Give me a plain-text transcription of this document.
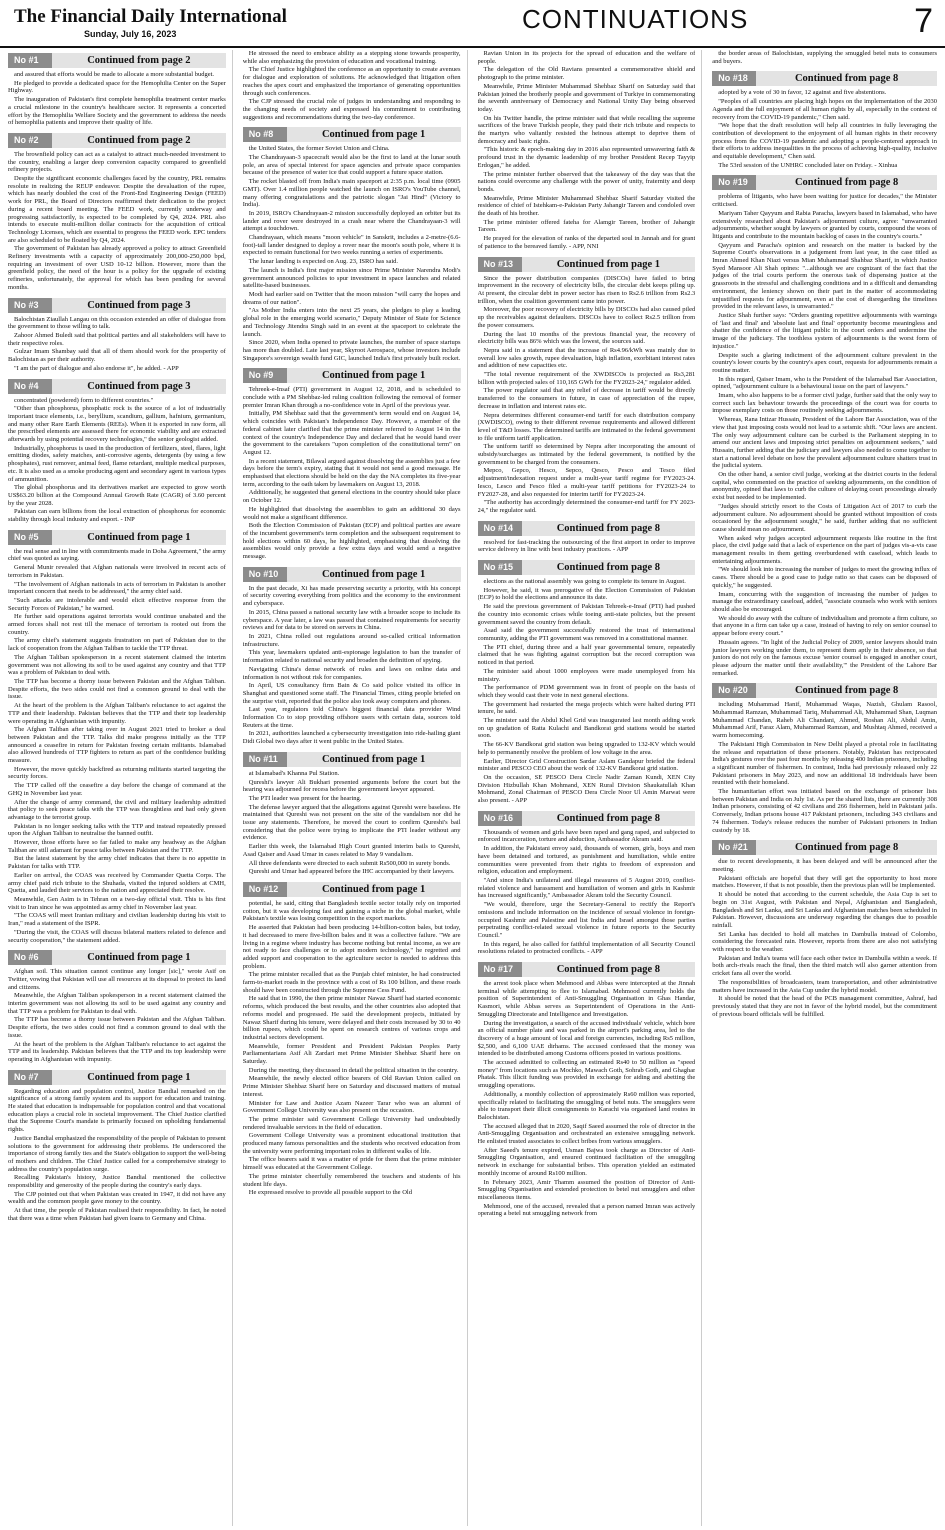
The Financial Daily International
Sunday, July 16, 2023	CONTINUATIONS	7
No #1	Continued from page 2

and assured that efforts would be made to allocate a more substantial budget.

He pledged to provide a dedicated space for the Hemophilia Center on the Super Highway.

The inauguration of Pakistan's first complete hemophilia treatment center marks a crucial milestone in the country's healthcare sector. It represents a concerted effort by the Hemophilia Welfare Society and the government to address the needs of hemophilia patients and improve their quality of life.

No #2	Continued from page 2

The brownfield policy can act as a catalyst to attract much-needed investment to the country, enabling a larger deep conversion capacity compared to greenfield refinery projects.

Despite the significant economic challenges faced by the country, PRL remains resolute in realizing the REUP endeavor. Despite the devaluation of the rupee, which has nearly doubled the cost of the Front-End Engineering Design (FEED) work for PRL, the Board of Directors reaffirmed their dedication to the project during a recent board meeting. The FEED work, currently underway and progressing satisfactorily, is expected to be completed by Q4, 2024. PRL also intends to execute multi-million dollar contracts for the acquisition of critical Technology Licenses, which are essential to progress the FEED work. EPC tenders are also scheduled to be floated by Q4, 2024.

The government of Pakistan has already approved a policy to attract Greenfield Refinery investments with a capacity of approximately 200,000-250,000 bpd, requiring an investment of over USD 10-12 billion. However, more than the greenfield policy, the need of the hour is a policy for the upgrade of existing refineries, unfortunately, the approval for which has been pending for several months.

No #3	Continued from page 3

Balochistan Ziaullah Langau on this occasion extended an offer of dialogue from the government to those willing to talk.

Zahoor Ahmed Buledi said that political parties and all stakeholders will have to their respective roles.

Gulzar Imam Shambay said that all of them should work for the prosperity of Balochistan as per their authority.

"I am the part of dialogue and also endorse it", he added. - APP

No #4	Continued from page 3

concentrated (powdered) form to different countries."

"Other than phosphorus, phosphatic rock is the source of a lot of industrially important trace elements, i.e., beryllium, scandium, gallium, hafnium, germanium, and many other Rare Earth Elements (REEs). When it is exported in raw form, all the prescribed elements are assessed there for economic viability and are extracted afterwards by using potential recovery technologies," the senior geologist added.

Industrially, phosphorus is used in the production of fertilizers, steel, flares, light emitting diodes, safety matches, anti-corrosive agents, detergents (by using a few phosphates), rust remover, animal feed, flame retardant, multiple medical purposes, etc. It is also used as a smoke producing agent and secondary agent in various types of ammunition.

The global phosphorus and its derivatives market are expected to grow worth US$63.20 billion at the Compound Annual Growth Rate (CAGR) of 3.60 percent by the year 2028.

Pakistan can earn billions from the local extraction of phosphorus for economic stability through local industry and export. - INP

No #5	Continued from page 1

the real sense and in line with commitments made in Doha Agreement," the army chief was quoted as saying.

General Munir revealed that Afghan nationals were involved in recent acts of terrorism in Pakistan.

"The involvement of Afghan nationals in acts of terrorism in Pakistan is another important concern that needs to be addressed," the army chief said.

"Such attacks are intolerable and would elicit effective response from the Security Forces of Pakistan," he warned.

He further said operations against terrorists would continue unabated and the armed forces shall not rest till the menace of terrorism is rooted out from the country.

The army chief's statement suggests frustration on part of Pakistan due to the lack of cooperation from the Afghan Taliban to tackle the TTP threat.

The Afghan Taliban spokesperson in a recent statement claimed the interim government was not allowing its soil to be used against any country and that TTP was a problem of Pakistan to deal with.

The TTP has become a thorny issue between Pakistan and the Afghan Taliban. Despite efforts, the two sides could not find a common ground to deal with the issue.

At the heart of the problem is the Afghan Taliban's reluctance to act against the TTP and their leadership. Pakistan believes that the TTP and their top leadership were operating in Afghanistan with impunity.

The Afghan Taliban after taking over in August 2021 tried to broker a deal between Pakistan and the TTP. Talks did make progress initially as the TTP announced a ceasefire in return for Pakistan freeing certain militants. Islamabad also allowed hundreds of TTP fighters to return as part of the confidence building measure.

However, the move quickly backfired as returning militants started targeting the security forces.

The TTP called off the ceasefire a day before the change of command at the GHQ in November last year.

After the change of army command, the civil and military leadership admitted that policy to seek peace talks with the TTP was thoughtless and had only given advantage to the terrorist group.

Pakistan is no longer seeking talks with the TTP and instead repeatedly pressed upon the Afghan Taliban to neutralise the banned outfit.

However, those efforts have so far failed to make any headway as the Afghan Taliban are still adamant for peace talks between Pakistan and the TTP.

But the latest statement by the army chief indicates that there is no appetite in Pakistan for talks with TTP.

Earlier on arrival, the COAS was received by Commander Quetta Corps. The army chief paid rich tribute to the Shuhada, visited the injured soldiers at CMH, Quetta, and lauded their services to the nation and appreciated their resolve.

Meanwhile, Gen Asim is in Tehran on a two-day official visit. This is his first visit to Iran since he was appointed as army chief in November last year.

"The COAS will meet Iranian military and civilian leadership during his visit to Iran," read a statement of the ISPR.

"During the visit, the COAS will discuss bilateral matters related to defence and security cooperation," the statement added.

No #6	Continued from page 1

Afghan soil. This situation cannot continue any longer [sic]," wrote Asif on Twitter, vowing that Pakistan will use all resources at its disposal to protect its land and citizens.

Meanwhile, the Afghan Taliban spokesperson in a recent statement claimed the interim government was not allowing its soil to be used against any country and that TTP was a problem for Pakistan to deal with.

The TTP has become a thorny issue between Pakistan and the Afghan Taliban. Despite efforts, the two sides could not find a common ground to deal with the issue.

At the heart of the problem is the Afghan Taliban's reluctance to act against the TTP and its leadership. Pakistan believes that the TTP and its top leadership were operating in Afghanistan with impunity.

No #7	Continued from page 1

Regarding education and population control, Justice Bandial remarked on the significance of a strong family system and its support for education and training. He stated that education is indispensable for population control and that vocational education plays a crucial role in societal improvement. The Chief Justice clarified that the Supreme Court's mandate is primarily focused on upholding fundamental rights.

Justice Bandial emphasized the responsibility of the people of Pakistan to present solutions to the government for addressing their problems. He underscored the importance of strong family ties and the State's obligation to support the well-being of mothers and children. The Chief Justice called for a comprehensive strategy to address the country's population surge.

Recalling Pakistan's history, Justice Bandial mentioned the collective responsibility and generosity of the people during the country's early days.

The CJP pointed out that when Pakistan was created in 1947, it did not have any wealth and the common people gave money to the country.

At that time, the people of Pakistan realised their responsibility. In fact, he noted that there was a time when Pakistan had given loans to Germany and China.

He stressed the need to embrace ability as a stepping stone towards prosperity, while also emphasizing the provision of education and vocational training.

The Chief Justice highlighted the conference as an opportunity to create avenues for dialogue and exploration of solutions. He acknowledged that litigation often reaches the apex court and emphasized the importance of generating opportunities through such conferences.

The CJP stressed the crucial role of judges in understanding and responding to the changing needs of society and expressed his commitment to contributing suggestions and recommendations during the two-day conference.

No #8	Continued from page 1

the United States, the former Soviet Union and China.

The Chandrayaan-3 spacecraft would also be the first to land at the lunar south pole, an area of special interest for space agencies and private space companies because of the presence of water ice that could support a future space station.

The rocket blasted off from India's main spaceport at 2:35 p.m. local time (0905 GMT). Over 1.4 million people watched the launch on ISRO's YouTube channel, many offering congratulations and the patriotic slogan "Jai Hind" (Victory to India).

In 2019, ISRO's Chandrayaan-2 mission successfully deployed an orbiter but its lander and rover were destroyed in a crash near where the Chandrayaan-3 will attempt a touchdown.

Chandrayaan, which means "moon vehicle" in Sanskrit, includes a 2-metre-(6.6-foot)-tall lander designed to deploy a rover near the moon's south pole, where it is expected to remain functional for two weeks running a series of experiments.

The lunar landing is expected on Aug. 23, ISRO has said.

The launch is India's first major mission since Prime Minister Narendra Modi's government announced policies to spur investment in space launches and related satellite-based businesses.

Modi had earlier said on Twitter that the moon mission "will carry the hopes and dreams of our nation".

"As Mother India enters into the next 25 years, she pledges to play a leading global role in the emerging world scenario," Deputy Minister of State for Science and Technology Jitendra Singh said in an event at the spaceport to celebrate the launch.

Since 2020, when India opened to private launches, the number of space startups has more than doubled. Late last year, Skyroot Aerospace, whose investors include Singapore's sovereign wealth fund GIC, launched India's first privately built rocket.

No #9	Continued from page 1

Tehreek-e-Insaf (PTI) government in August 12, 2018, and is scheduled to conclude with a PM Shehbaz-led ruling coalition following the removal of former premier Imran Khan through a no-confidence vote in April of the previous year.

Initially, PM Shehbaz said that the government's term would end on August 14, which coincides with Pakistan's Independence Day. However, a member of the federal cabinet later clarified that the prime minister referred to August 14 in the context of the country's Independence Day and declared that he would hand over the government to the caretakers "upon completion of the constitutional term" on August 12.

In a recent statement, Bilawal argued against dissolving the assemblies just a few days before the term's expiry, stating that it would not send a good message. He emphasised that elections should be held on the day the NA completes its five-year term, according to the oath taken by lawmakers on August 13, 2018.

Additionally, he suggested that general elections in the country should take place on October 12.

He highlighted that dissolving the assemblies to gain an additional 30 days would not make a significant difference.

Both the Election Commission of Pakistan (ECP) and political parties are aware of the incumbent government's term completion and the subsequent requirement to hold elections within 60 days, he highlighted, emphasising that dissolving the assemblies would only provide a few extra days and would send a negative message.

No #10	Continued from page 1

In the past decade, Xi has made preserving security a priority, with his concept of security covering everything from politics and the economy to the environment and cyberspace.

In 2015, China passed a national security law with a broader scope to include its cyberspace. A year later, a law was passed that contained requirements for security reviews and for data to be stored on servers in China.

In 2021, China rolled out regulations around so-called critical information infrastructure.

This year, lawmakers updated anti-espionage legislation to ban the transfer of information related to national security and broaden the definition of spying.

Navigating China's dense network of rules and laws on online data and information is not without risk for companies.

In April, US consultancy firm Bain & Co said police visited its office in Shanghai and questioned some staff. The Financial Times, citing people briefed on the surprise visit, reported that the police also took away computers and phones.

Last year, regulators told China's biggest financial data provider Wind Information Co to stop providing offshore users with certain data, sources told Reuters at the time.

In 2021, authorities launched a cybersecurity investigation into ride-hailing giant Didi Global two days after it went public in the United States.

No #11	Continued from page 1

at Islamabad's Khanna Pul Station.

Qureshi's lawyer Ali Bukhari presented arguments before the court but the hearing was adjourned for recess before the government lawyer appeared.

The PTI leader was present for the hearing.

The defense lawyer argued that the allegations against Qureshi were baseless. He maintained that Qureshi was not present on the site of the vandalism nor did he issue any statements. Therefore, he moved the court to confirm Qureshi's bail considering that the police were trying to implicate the PTI leader without any evidence.

Earlier this week, the Islamabad High Court granted interim bails to Qureshi, Asad Qaiser and Asad Umar in cases related to May 9 vandalism.

All three defendants were directed to each submit Rs500,000 in surety bonds.

Qureshi and Umar had appeared before the IHC accompanied by their lawyers.

No #12	Continued from page 1

potential, he said, citing that Bangladesh textile sector totally rely on imported cotton, but it was developing fast and gaining a niche in the global market, while Pakistan's textile was losing competition in the export markets.

He asserted that Pakistan had been producing 14-billion-cotton bales, but today, it had decreased to mere five-billion bales and it was a collective failure. "We are living in a regime where industry has become nothing but rental income, as we are not ready to face challenges or to adopt modern technology," he regretted and added support and cooperation to the agriculture sector is needed to address this problem.

The prime minister recalled that as the Punjab chief minister, he had constructed farm-to-market roads in the province with a cost of Rs 100 billion, and these roads should have been constructed through the Supreme Cess Fund.

He said that in 1990, the then prime minister Nawaz Sharif had started economic reforms, which produced the best results, and the other countries also adopted that reforms model and progressed. He said the development projects, initiated by Nawaz Sharif during his tenure, were delayed and their costs increased by 30 to 40 billion rupees, which could be spent on research centres of various crops and industrial sectors development.

Meanwhile, former President and President Pakistan Peoples Party Parliamentarians Asif Ali Zardari met Prime Minister Shehbaz Sharif here on Saturday.

During the meeting, they discussed in detail the political situation in the country.

Meanwhile, the newly elected office bearers of Old Ravian Union called on Prime Minister Shehbaz Sharif here on Saturday and discussed matters of mutual interest.

Minister for Law and Justice Azam Nazeer Tarar who was an alumni of Government College University was also present on the occasion.

The prime minister said Government College University had undoubtedly rendered invaluable services in the field of education.

Government College University was a prominent educational institution that produced many famous personalities and the students who received education from the university were performing important roles in different walks of life.

The office bearers said it was a matter of pride for them that the prime minister himself was educated at the Government College.

The prime minister cheerfully remembered the teachers and students of his student life days.

He expressed resolve to provide all possible support to the Old

Ravian Union in its projects for the spread of education and the welfare of people.

The delegation of the Old Ravians presented a commemorative shield and photograph to the prime minister.

Meanwhile, Prime Minister Muhammad Shehbaz Sharif on Saturday said that Pakistan joined the brotherly people and government of Turkiye in commemorating the seventh anniversary of Democracy and National Unity Day being observed today.

On his Twitter handle, the prime minister said that while recalling the supreme sacrifices of the brave Turkish people, they paid their rich tribute and respects to the martyrs who valiantly resisted the heinous attempt to deprive them of democracy and basic rights.

"This historic & epoch-making day in 2016 also represented unwavering faith & profound trust in the dynamic leadership of my brother President Recep Tayyip Erdogan," he added.

The prime minister further observed that the takeaway of the day was that the nations could overcome any challenge with the power of unity, fraternity and deep bonds.

Meanwhile, Prime Minister Muhammad Shehbaz Sharif Saturday visited the residence of chief of Istehkam-e-Pakistan Party Jahangir Tareen and condoled over the death of his brother.

The prime minister offered fateha for Alamgir Tareen, brother of Jahangir Tareen.

He prayed for the elevation of ranks of the departed soul in Jannah and for grant of patience to the bereaved family. - APP, NNI

No #13	Continued from page 1

Since the power distribution companies (DISCOs) have failed to bring improvement in the recovery of electricity bills, the circular debt keeps piling up. At present, the circular debt in power sector has risen to Rs2.6 trillion from Rs2.3 trillion, when the coalition government came into power.

Moreover, the poor recovery of electricity bills by DISCOs had also caused piled up the receivables against defaulters. DISCOs have to collect Rs2.5 trillion from the power consumers.

During the last 10 months of the previous financial year, the recovery of electricity bills was 86% which was the lowest, the sources said.

Nepra said in a statement that the increase of Rs4.96/kWh was mainly due to overall low sales growth, rupee devaluation, high inflation, exorbitant interest rates and addition of new capacities etc.

"The total revenue requirement of the XWDISCOs is projected as Rs3,281 billion with projected sales of 110,165 GWh for the FY2023-24," regulator added.

The power regulator said that any relief of decrease in tariff would be directly transferred to the consumers in future, in case of appreciation of the rupee, decrease in inflation and interest rates etc.

Nepra determines different consumer-end tariff for each distribution company (XWDISCO), owing to their different revenue requirements and allowed different level of T&D losses. The determined tariffs are intimated to the federal government to file uniform tariff application.

The uniform tariff so determined by Nepra after incorporating the amount of subsidy/surcharges as intimated by the federal government, is notified by the government to be charged from the consumers.

Mepco, Gepco, Hesco, Sepco, Qesco, Pesco and Tesco filed adjustment/indexation request under a multi-year tariff regime for FY2023-24. Iesco, Lesco and Fesco filed a multi-year tariff petitions for FY2023-24 to FY2027-28, and also requested for interim tariff for FY2023-24.

"The authority has accordingly determined the consumer-end tariff for FY 2023-24," the regulator said.

No #14	Continued from page 8

resolved for fast-tracking the outsourcing of the first airport in order to improve service delivery in line with best industry practices. - APP

No #15	Continued from page 8

elections as the national assembly was going to complete its tenure in August.

However, he said, it was prerogative of the Election Commission of Pakistan (ECP) to hold the elections and announce its date.

He said the previous government of Pakistan Tehreek-e-Insaf (PTI) had pushed the country into economic crises while toeing anti-state policies, but the present government saved the country from default.

Asad said the government successfully restored the trust of international community, adding the PTI government was removed in a constitutional manner.

The PTI chief, during three and a half year governmental tenure, repeatedly claimed that he was fighting against corruption but the record corruption was noticed in that period.

The minister said about 1000 employees were made unemployed from his ministry.

The performance of PDM government was in front of people on the basis of which they would cast their vote in next general elections.

The government had restarted the mega projects which were halted during PTI tenure, he said.

The minister said the Abdul Khel Grid was inaugurated last month adding work on up gradation of Ratta Kulachi and Bandkorai grid stations would be started soon.

The 66-KV Bandkorai grid station was being upgraded to 132-KV which would help to permanently resolve the problem of low voltage in the area.

Earlier, Director Grid Construction Sardar Aslam Gandapur briefed the federal minister and PESCO CEO about the work of 132-KV Bandkorai grid station.

On the occasion, SE PESCO Dera Circle Nadir Zaman Kundi, XEN City Division Hizbullah Khan Mohmand, XEN Rural Division Shaukatullah Khan Mohmand, Zonal Chairman of PESCO Dera Circle Noor Ul Amin Marwat were also present. - APP

No #16	Continued from page 8

Thousands of women and girls have been raped and gang raped, and subjected to enforced incarceration, torture and abduction, Ambassador Akram said.

In addition, the Pakistani envoy said, thousands of women, girls, boys and men have been detained and tortured, as punishment and humiliation, while entire communities were prevented from their rights to freedom of expression and religion, education and employment.

"And since India's unilateral and illegal measures of 5 August 2019, conflict-related violence and harassment and humiliation of women and girls in Kashmir has increased significantly," Ambassador Akram told the Security Council.

"We would, therefore, urge the Secretary-General to rectify the Report's omissions and include information on the incidence of sexual violence in foreign-occupied Kashmir and Palestine and list India and Israel amongst those parties perpetrating conflict-related sexual violence in future reports to the Security Council."

In this regard, he also called for faithful implementation of all Security Council resolutions related to protracted conflicts. - APP

No #17	Continued from page 8

the arrest took place when Mehmood and Abbas were intercepted at the Jinnah terminal while attempting to flee to Islamabad. Mehmood currently holds the position of Superintendent of Anti-Smuggling Organisation in Ghas Handar, Kasmori, while Abbas serves as Superintendent of Operations in the Anti-Smuggling Directorate and Intelligence and Investigation.

During the investigation, a search of the accused individuals' vehicle, which bore an official number plate and was parked in the airport's parking area, led to the discovery of a huge amount of local and foreign currencies, including Rs5 million, $2,500, and 6,100 UAE dirhams. The accused confessed that the money was intended to be distributed among Customs officers posted in various positions.

The accused admitted to collecting an estimated Rs40 to 50 million as "speed money" from locations such as Mochko, Mawach Goth, Sohrab Goth, and Ghaghar Phatak. This illicit funding was provided in exchange for aiding and abetting the smuggling operations.

Additionally, a monthly collection of approximately Rs60 million was reported, specifically related to facilitating the smuggling of betel nuts. The smugglers were able to transport their illicit consignments to Karachi via organised land routes in Balochistan.

The accused alleged that in 2020, Saqif Saeed assumed the role of director in the Anti-Smuggling Organisation and orchestrated an extensive smuggling network. He enlisted trusted associates to collect bribes from various smugglers.

After Saeed's tenure expired, Usman Bajwa took charge as Director of Anti-Smuggling Organisation, and ensured continued facilitation of the smuggling network in exchange for substantial bribes. This operation yielded an estimated monthly income of around Rs100 million.

In February 2023, Amir Thamm assumed the position of Director of Anti-Smuggling Organisation and extended protection to betel nut smugglers and other miscellaneous items.

Mehmood, one of the accused, revealed that a person named Imran was actively operating a betel nut smuggling network from

the border areas of Balochistan, supplying the smuggled betel nuts to consumers and buyers.

No #18	Continued from page 8

adopted by a vote of 30 in favor, 12 against and five abstentions.

"Peoples of all countries are placing high hopes on the implementation of the 2030 Agenda and the full enjoyment of all human rights by all, especially in the context of recovery from the COVID-19 pandemic," Chen said.

"We hope that the draft resolution will help all countries in fully leveraging the contribution of development to the enjoyment of all human rights in their recovery process from the COVID-19 pandemic and adopting a people-centered approach in their efforts to address inequalities in the process of achieving high-quality, inclusive and equitable development," Chen said.

The 53rd session of the UNHRC concluded later on Friday. - Xinhua

No #19	Continued from page 8

problems of litigants, who have been waiting for justice for decades," the Minister criticised.

Mariyam Taher Qayyum and Rabia Paracha, lawyers based in Islamabad, who have extensively researched about Pakistan's adjournment culture, agree: "unwarranted adjournments, whether sought by lawyers or granted by courts, compound the woes of litigants and contribute to the mountain backlog of cases in the country's courts."

Qayyum and Paracha's opinion and research on the matter is backed by the Supreme Court's observations in a judgement from last year, in the case titled as Imran Ahmed Khan Niazi versus Mian Muhammad Shahbaz Sharif, in which Justice Syed Mansoor Ali Shah opines: "...although we are cognizant of the fact that the judges of the trial courts perform the onerous task of dispensing justice at the grassroots in the stressful and challenging conditions and in a difficult and demanding environment, the leniency shown on their part in the matter of accommodating unjustified requests for adjournment, even at the cost of disregarding the timelines provided in the relevant laws, is unwarranted."

Justice Shah further says: "Orders granting repetitive adjournments with warnings of 'last and final' and 'absolute last and final' opportunity become meaningless and shatter the confidence of the litigant public in the court orders and undermine the image of the judiciary. The toothless system of adjournments is the worst form of injustice."

Despite such a glaring indictment of the adjournment culture prevalent in the country's lower courts by the country's apex court, requests for adjournments remain a routine matter.

In this regard, Qaiser Imam, who is the President of the Islamabad Bar Association, opined, "adjournment culture is a behavioural issue on the part of lawyers."

Imam, who also happens to be a former civil judge, further said that the only way to correct such lax behaviour towards the proceedings of the court was for courts to impose exemplary costs on those routinely seeking adjournments.

Whereas, Rana Intizar Hussain, President of the Lahore Bar Association, was of the view that just imposing costs would not lead to a seismic shift. "Our laws are ancient. The only way adjournment culture can be curbed is the Parliament stepping in to amend our ancient laws and imposing strict penalties on adjournment seekers," said Hussain, further adding that the judiciary and lawyers also needed to come together to start a national level debate on how the prevalent adjournment culture shatters trust in the judicial system.

On the other hand, a senior civil judge, working at the district courts in the federal capital, who commented on the practice of seeking adjournments, on the condition of anonymity, opined that laws to curb the culture of delaying court proceedings already exist but needed to be implemented.

"Judges should strictly resort to the Costs of Litigation Act of 2017 to curb the adjournment culture. No adjournment should be granted without imposition of costs occasioned by the adjournment sought," he said, further adding that no sufficient cause should mean no adjournment.

When asked why judges accepted adjournment requests like routine in the first place, the civil judge said that a lack of experience on the part of judges vis-a-vis case management results in them getting overburdened with caseload, which leads to entertaining adjournments.

"We should look into increasing the number of judges to meet the growing influx of cases. There should be a good case to judge ratio so that cases can be disposed of quickly," he suggested.

Imam, concurring with the suggestion of increasing the number of judges to manage the extraordinary caseload, added, "associate counsels who work with seniors should also be encouraged.

We should do away with the culture of individualism and promote a firm culture, so that anyone in a firm can take up a case, instead of having to rely on senior counsel to appear before every court."

Hussain agrees. "In light of the Judicial Policy of 2009, senior lawyers should train junior lawyers working under them, to represent them aptly in their absence, so that juniors do not rely on the famous excuse 'senior counsel is engaged in another court, please adjourn the matter until their availability,'" the President of the Lahore Bar remarked.

No #20	Continued from page 8

including Muhammad Hanif, Muhammad Waqas, Nazish, Ghulam Rasool, Muhammad Ramzan, Muhammad Tariq, Muhammad Ali, Muhammad Shan, Luqman Muhammad Chandan, Raheb Ali Chandani, Ahmed, Roshan Ali, Abdul Amin, Muhammad Arif, Faraz Alam, Muhammad Ramzan, and Mushtaq Ahmed, received a warm homecoming.

The Pakistani High Commission in New Delhi played a pivotal role in facilitating the release and repatriation of these prisoners. Notably, Pakistan has reciprocated India's gestures over the past four months by releasing 400 Indian prisoners, including a significant number of fishermen. In contrast, India had previously released only 22 Pakistani prisoners in May 2023, and now an additional 18 individuals have been reunited with their homeland.

The humanitarian effort was initiated based on the exchange of prisoner lists between Pakistan and India on July 1st. As per the shared lists, there are currently 308 Indian prisoners, consisting of 42 civilians and 266 fishermen, held in Pakistani jails. Conversely, Indian prisons house 417 Pakistani prisoners, including 343 civilians and 74 fishermen. Today's release reduces the number of Pakistani prisoners in Indian custody by 18.

No #21	Continued from page 8

due to recent developments, it has been delayed and will be announced after the meeting.

Pakistani officials are hopeful that they will get the opportunity to host more matches. However, if that is not possible, then the previous plan will be implemented.

It should be noted that according to the current schedule, the Asia Cup is set to begin on 31st August, with Pakistan and Nepal, Afghanistan and Bangladesh, Bangladesh and Sri Lanka, and Sri Lanka and Afghanistan matches been scheduled in Pakistan. However, discussions are underway regarding the changes due to possible rainfall.

Sri Lanka has decided to hold all matches in Dambulla instead of Colombo, considering the forecasted rain. However, reports from there are also not satisfying with respect to the weather.

Pakistan and India's teams will face each other twice in Dambulla within a week. If both arch-rivals reach the final, then the third match will also garner attention from cricket fans all over the world.

The responsibilities of broadcasters, team transportation, and other administrative matters have increased in the Asia Cup under the hybrid model.

It should be noted that the head of the PCB management committee, Ashraf, had previously stated that they are not in favor of the hybrid model, but the commitment of previous board officials will be fulfilled.
